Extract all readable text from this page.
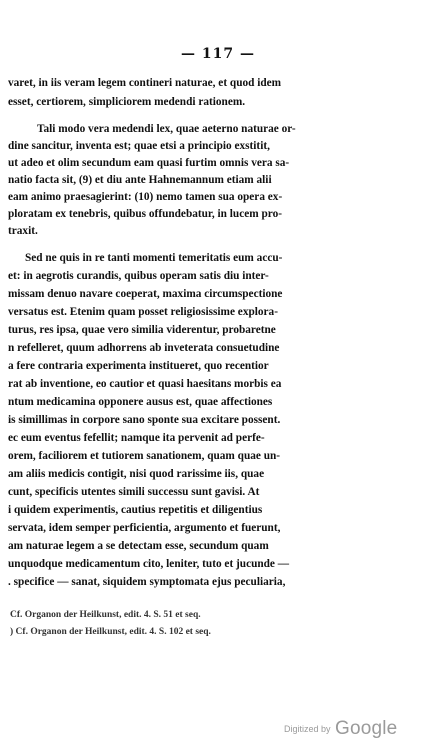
— 117 —
varet, in iis veram legem contineri naturae, et quod idem
esset, certiorem, simpliciorem medendi rationem.
Tali modo vera medendi lex, quae aeterno naturae or-
dine sancitur, inventa est; quae etsi a principio exstitit,
ut adeo et olim secundum eam quasi furtim omnis vera sa-
natio facta sit, (9) et diu ante Hahnemannum etiam alii
eam animo praesagierint: (10) nemo tamen sua opera ex-
ploratam ex tenebris, quibus offundebatur, in lucem pro-
traxit.
Sed ne quis in re tanti momenti temeritatis eum accu-
et: in aegrotis curandis, quibus operam satis diu inter-
missam denuo navare coeperat, maxima circumspectione
versatus est. Etenim quam posset religiosissime explora-
turus, res ipsa, quae vero similia viderentur, probaretne
n refelleret, quum adhorrens ab inveterata consuetudine
a fere contraria experimenta institueret, quo recentior
rat ab inventione, eo cautior et quasi haesitans morbis ea
ntum medicamina opponere ausus est, quae affectiones
is simillimas in corpore sano sponte sua excitare possent.
ec eum eventus fefellit; namque ita pervenit ad perfe-
orem, faciliorem et tutiorem sanationem, quam quae un-
am aliis medicis contigit, nisi quod rarissime iis, quae
cunt, specificis utentes simili successu sunt gavisi. At
i quidem experimentis, cautius repetitis et diligentius
servata, idem semper perficientia, argumento et fuerunt,
am naturae legem a se detectam esse, secundum quam
unquodque medicamentum cito, leniter, tuto et jucunde —
. specifice — sanat, siquidem symptomata ejus peculiaria,
Cf. Organon der Heilkunst, edit. 4. S. 51 et seq.
) Cf. Organon der Heilkunst, edit. 4. S. 102 et seq.
Digitized by Google
